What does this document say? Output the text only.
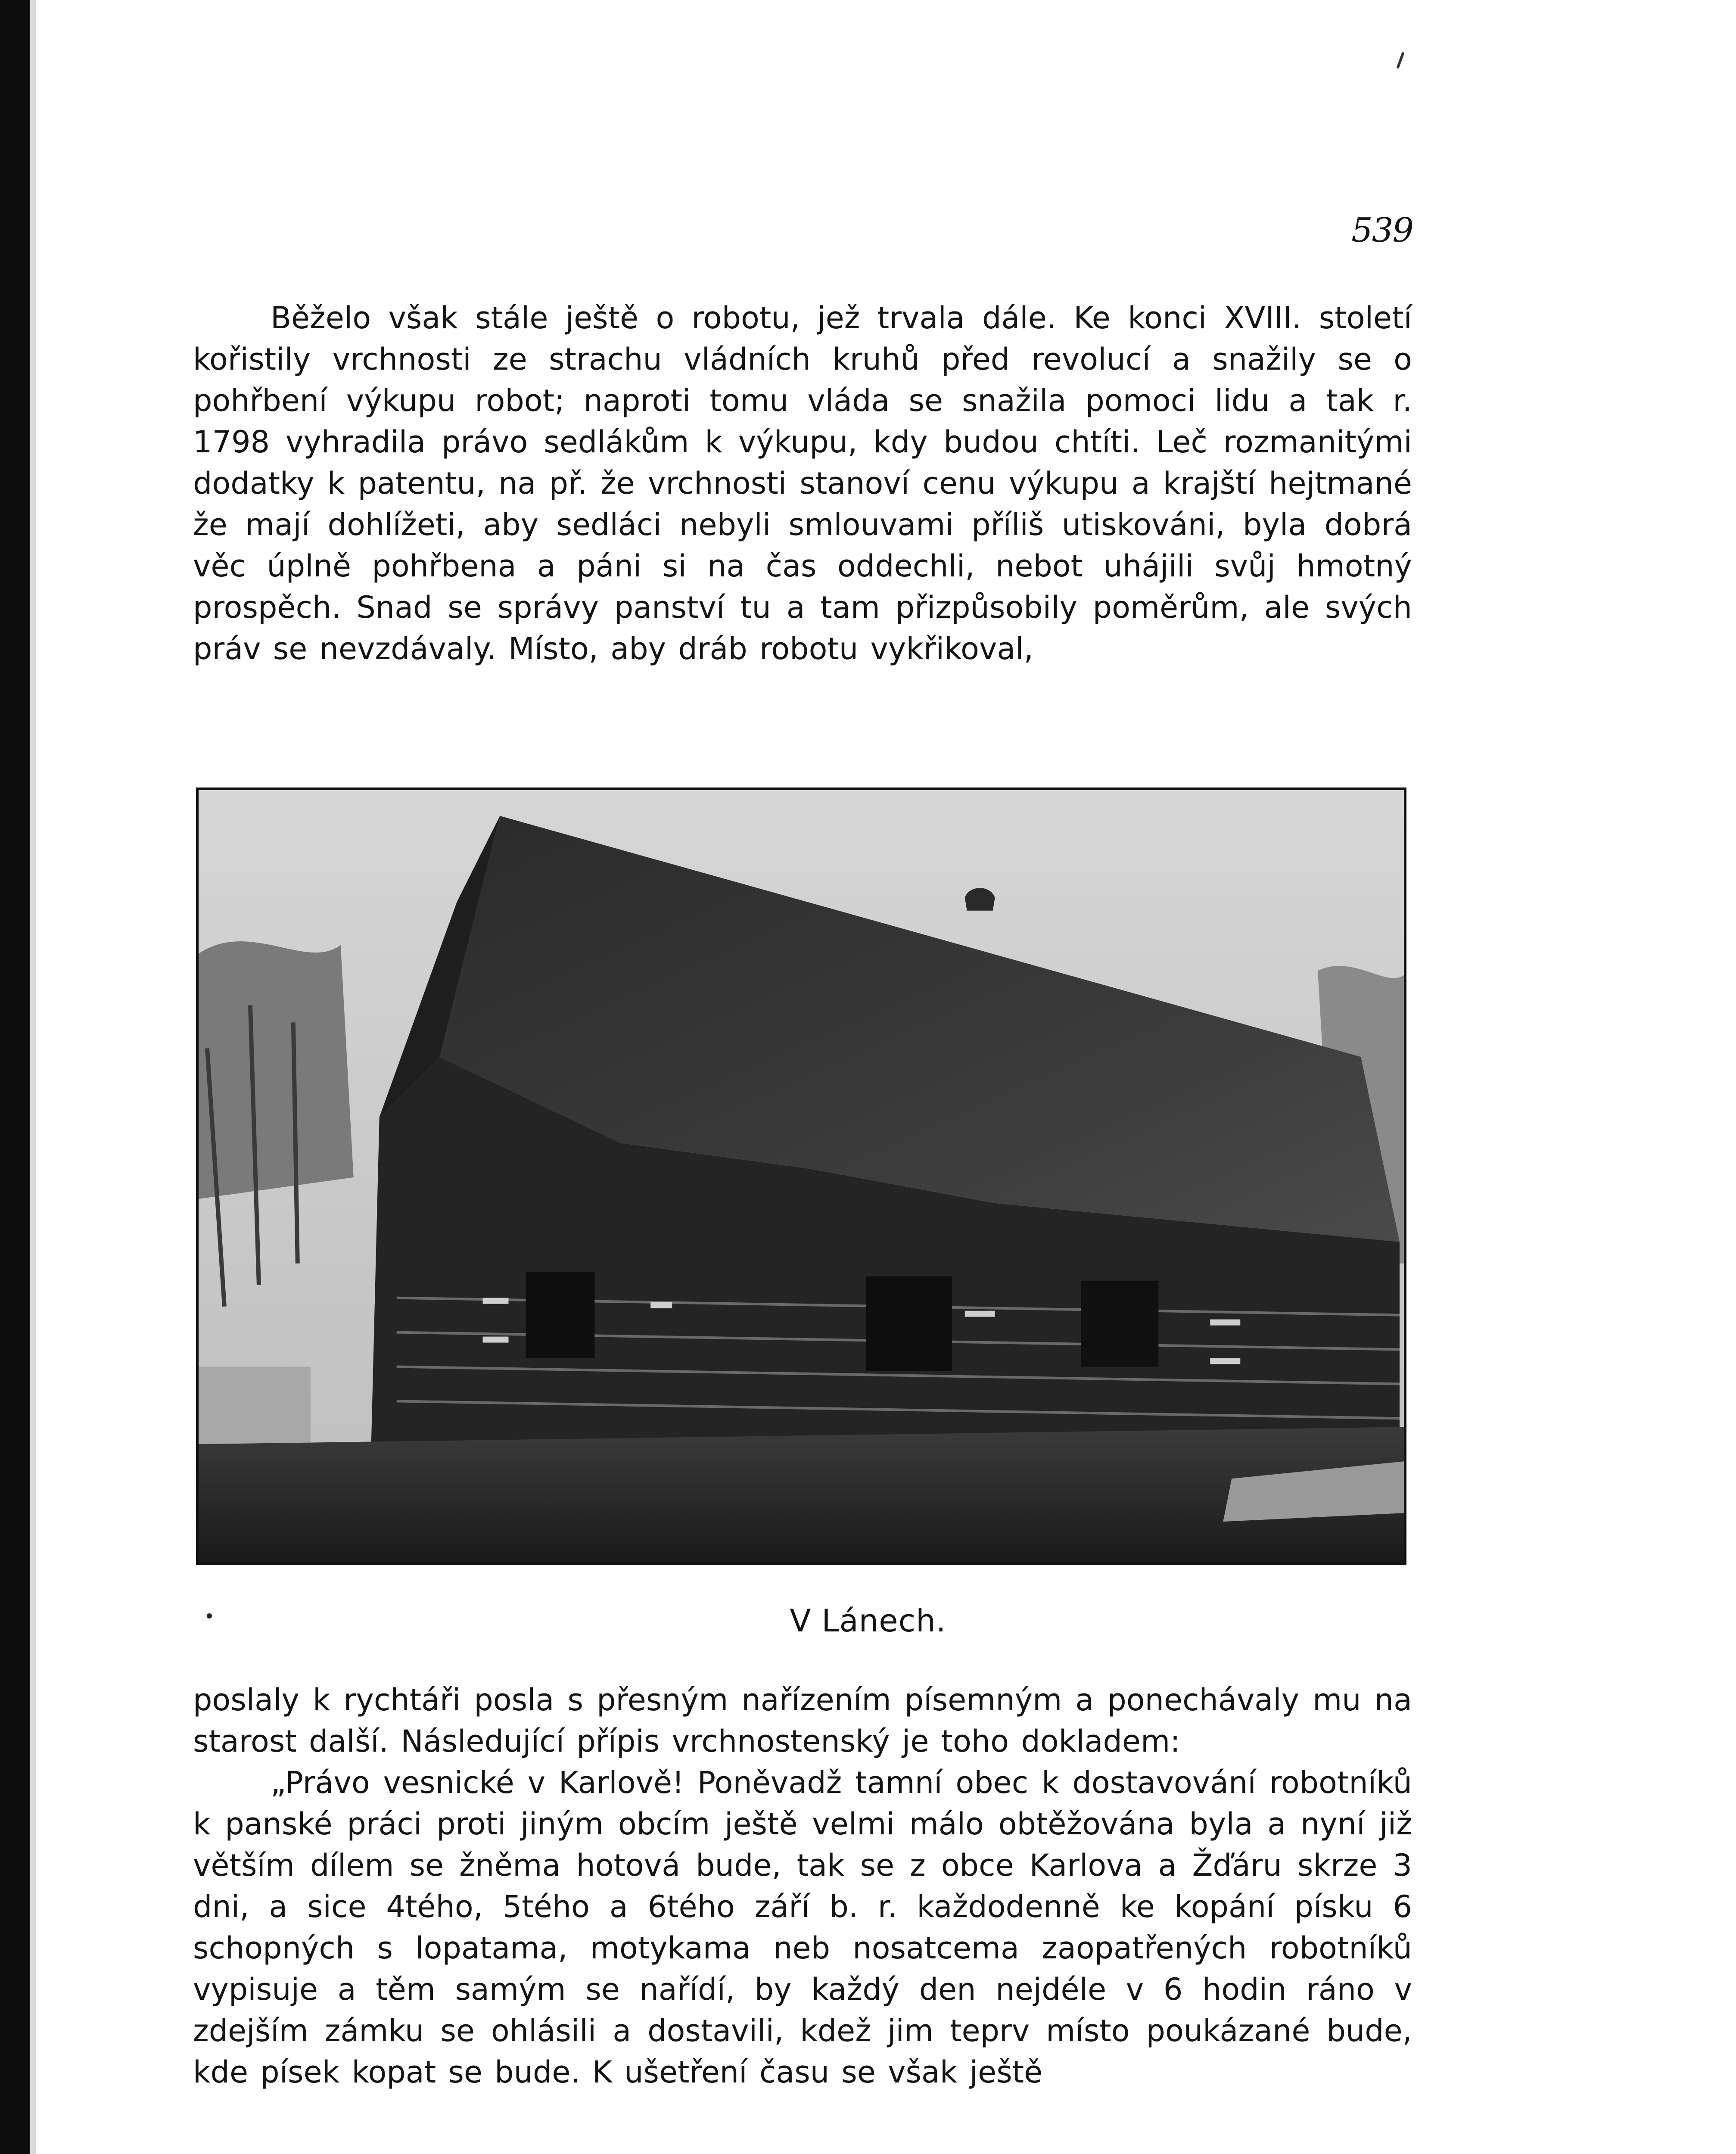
539

Běželo však stále ještě o robotu, jež trvala dále. Ke konci XVIII. století kořistily vrchnosti ze strachu vládních kruhů před revolucí a snažily se o pohřbení výkupu robot; naproti tomu vláda se snažila pomoci lidu a tak r. 1798 vyhradila právo sedlákům k výkupu, kdy budou chtíti. Leč rozmanitými dodatky k patentu, na př. že vrchnosti stanoví cenu výkupu a krajští hejtmané že mají dohlížeti, aby sedláci nebyli smlouvami příliš utiskováni, byla dobrá věc úplně pohřbena a páni si na čas oddechli, nebot uhájili svůj hmotný prospěch. Snad se správy panství tu a tam přizpůsobily poměrům, ale svých práv se nevzdávaly. Místo, aby dráb robotu vykřikoval,

V Lánech.

poslaly k rychtáři posla s přesným nařízením písemným a ponechávaly mu na starost další. Následující přípis vrchnostenský je toho dokladem:

„Právo vesnické v Karlově! Poněvadž tamní obec k dostavování robotníků k panské práci proti jiným obcím ještě velmi málo obtěžována byla a nyní již větším dílem se žněma hotová bude, tak se z obce Karlova a Žďáru skrze 3 dni, a sice 4tého, 5tého a 6tého září b. r. každodenně ke kopání písku 6 schopných s lopatama, motykama neb nosatcema zaopatřených robotníků vypisuje a těm samým se nařídí, by každý den nejdéle v 6 hodin ráno v zdejším zámku se ohlásili a dostavili, kdež jim teprv místo poukázané bude, kde písek kopat se bude. K ušetření času se však ještě
